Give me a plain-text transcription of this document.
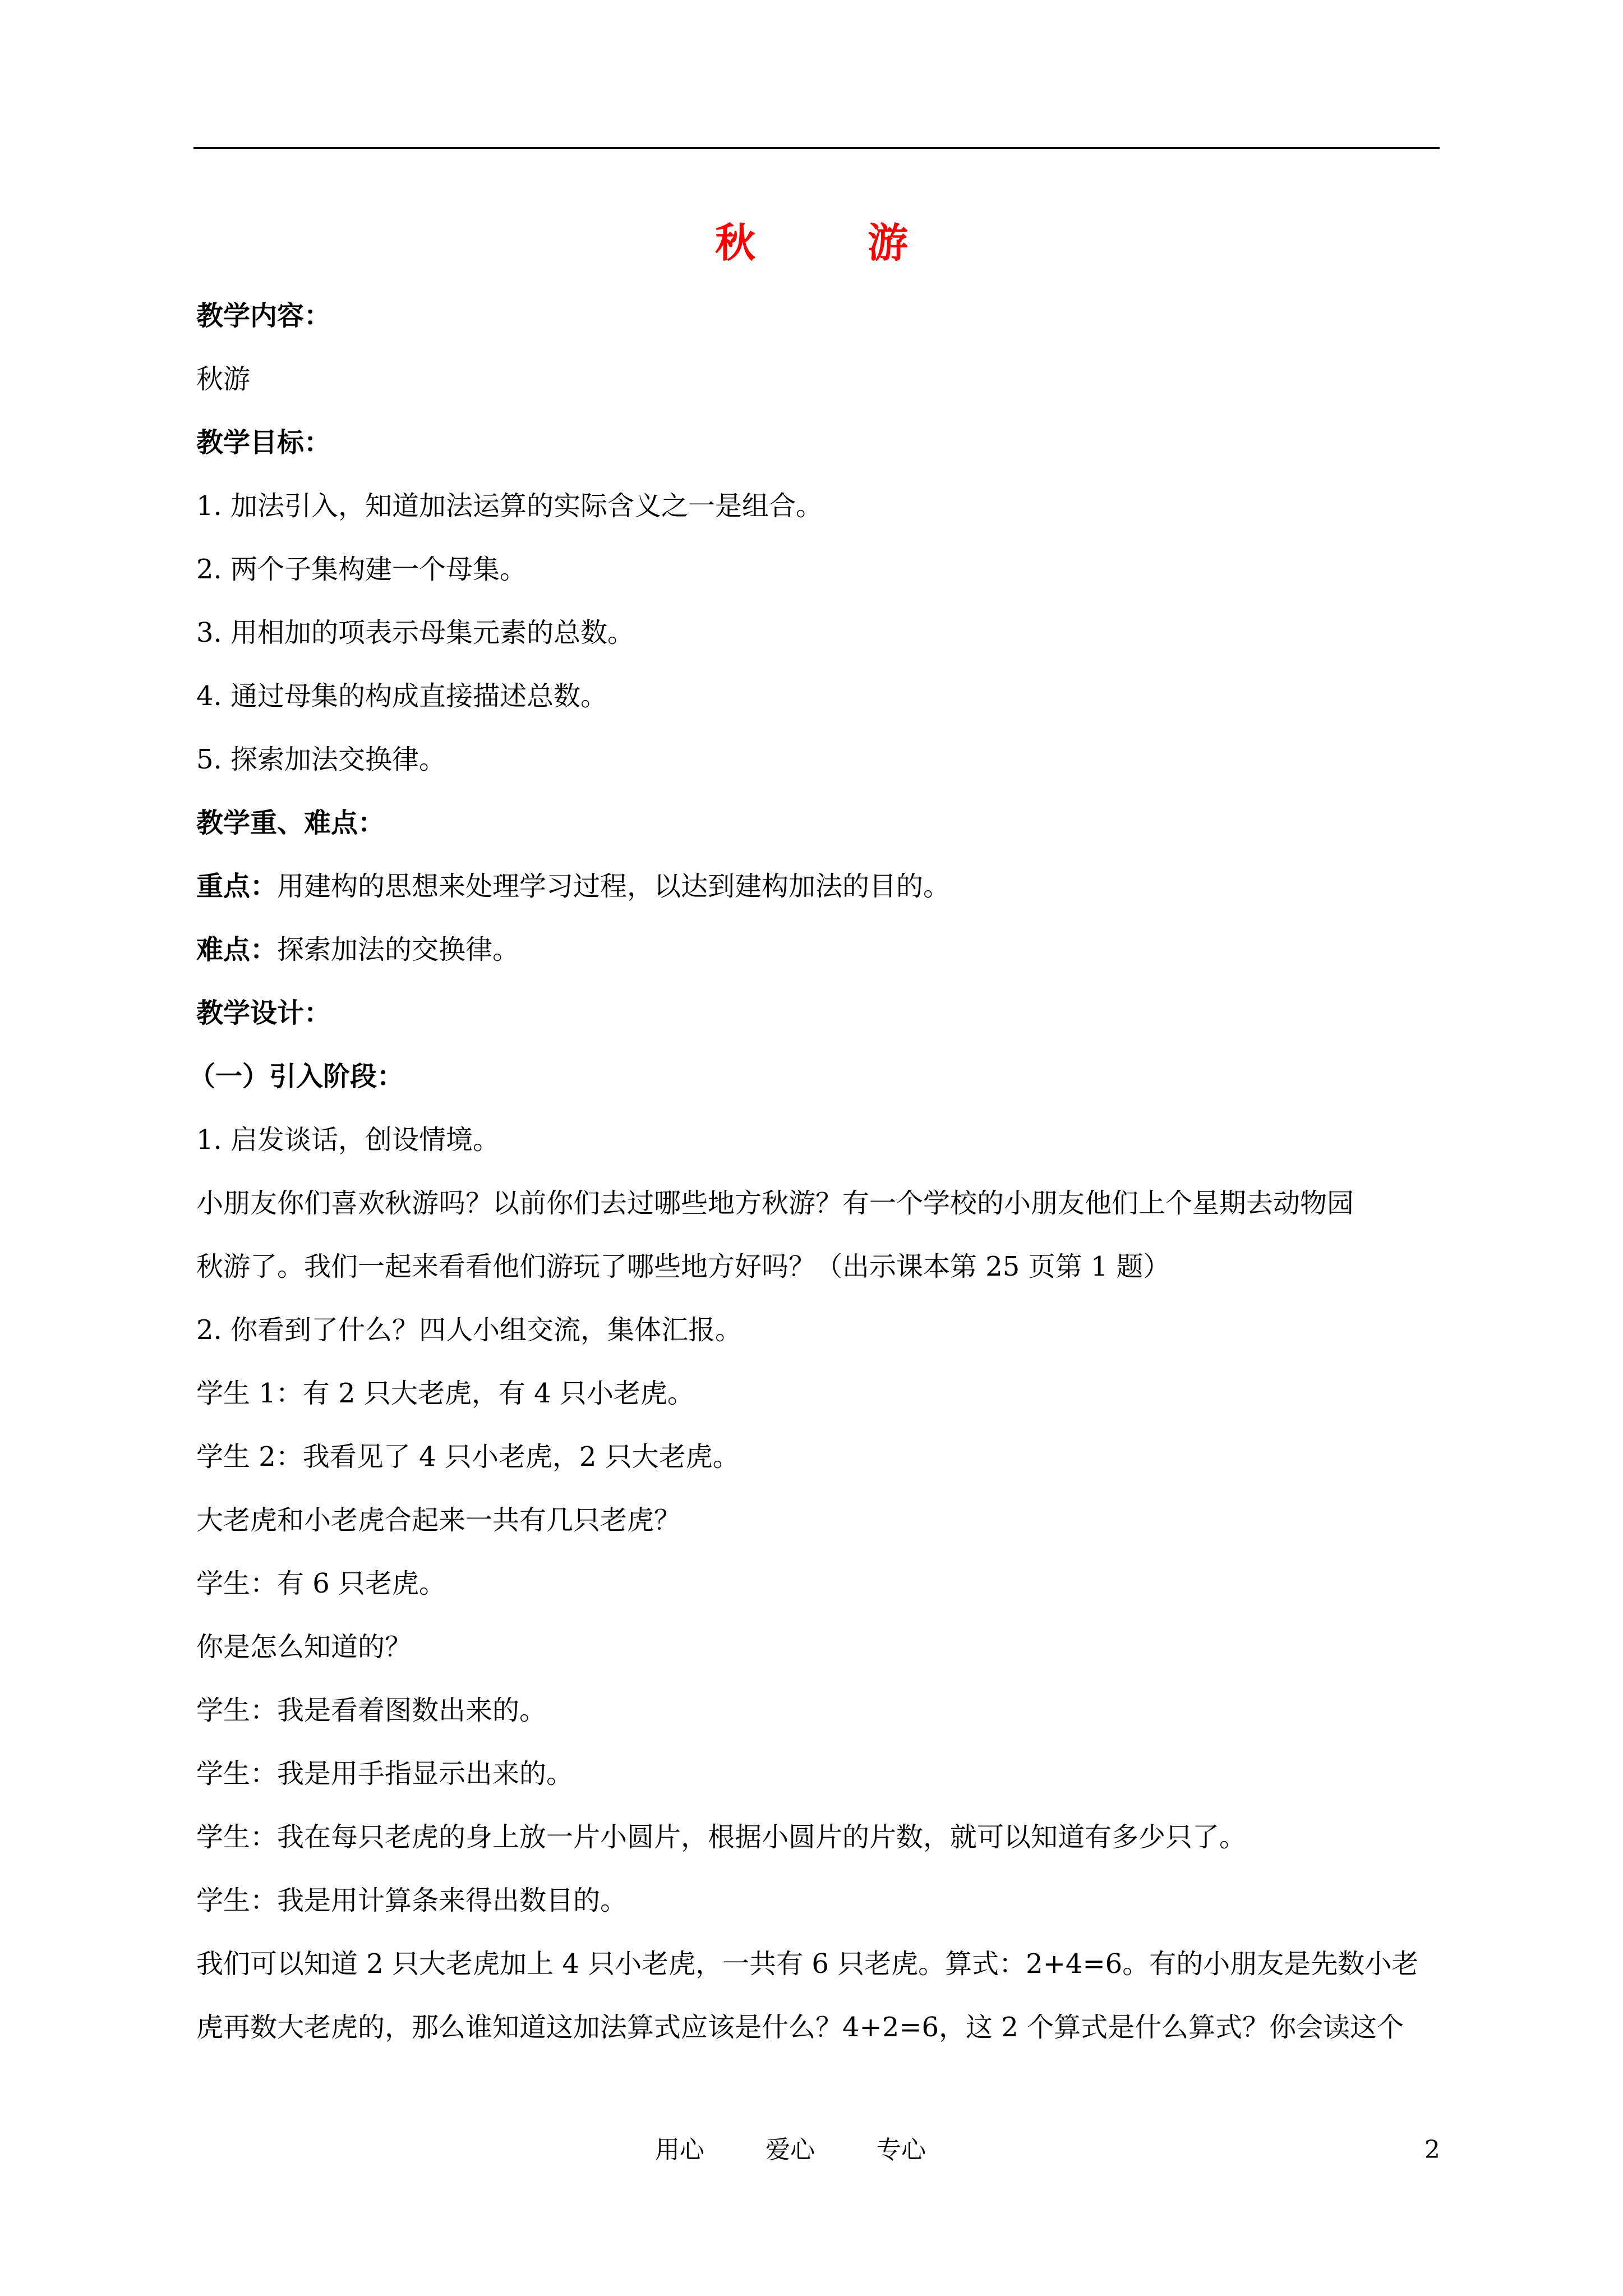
秋	游
教学内容：
秋游
教学目标：
1. 加法引入，知道加法运算的实际含义之一是组合。
2. 两个子集构建一个母集。
3. 用相加的项表示母集元素的总数。
4. 通过母集的构成直接描述总数。
5. 探索加法交换律。
教学重、难点：
重点：用建构的思想来处理学习过程，以达到建构加法的目的。
难点：探索加法的交换律。
教学设计：
（一）引入阶段：
1. 启发谈话，创设情境。
小朋友你们喜欢秋游吗？以前你们去过哪些地方秋游？有一个学校的小朋友他们上个星期去动物园
秋游了。我们一起来看看他们游玩了哪些地方好吗？（出示课本第 25 页第 1 题）
2. 你看到了什么？四人小组交流，集体汇报。
学生 1：有 2 只大老虎，有 4 只小老虎。
学生 2：我看见了 4 只小老虎，2 只大老虎。
大老虎和小老虎合起来一共有几只老虎？
学生：有 6 只老虎。
你是怎么知道的？
学生：我是看着图数出来的。
学生：我是用手指显示出来的。
学生：我在每只老虎的身上放一片小圆片，根据小圆片的片数，就可以知道有多少只了。
学生：我是用计算条来得出数目的。
我们可以知道 2 只大老虎加上 4 只小老虎，一共有 6 只老虎。算式：2+4=6。有的小朋友是先数小老
虎再数大老虎的，那么谁知道这加法算式应该是什么？4+2=6，这 2 个算式是什么算式？你会读这个
用心 爱心	专心	2
